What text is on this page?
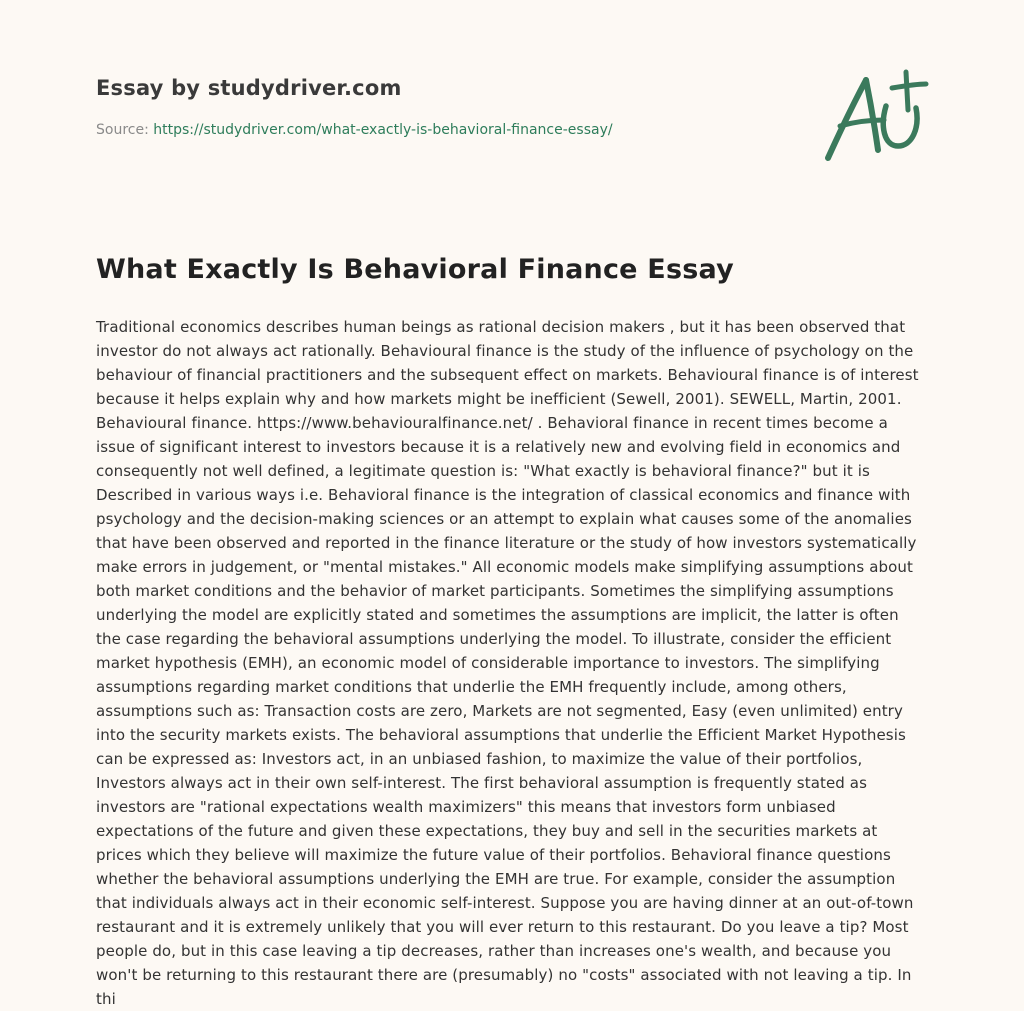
Essay by studydriver.com
Source: https://studydriver.com/what-exactly-is-behavioral-finance-essay/
What Exactly Is Behavioral Finance Essay

Traditional economics describes human beings as rational decision makers , but it has been observed that investor do not always act rationally. Behavioural finance is the study of the influence of psychology on the behaviour of financial practitioners and the subsequent effect on markets. Behavioural finance is of interest because it helps explain why and how markets might be inefficient (Sewell, 2001). SEWELL, Martin, 2001. Behavioural finance. https://www.behaviouralfinance.net/ . Behavioral finance in recent times become a issue of significant interest to investors because it is a relatively new and evolving field in economics and consequently not well defined, a legitimate question is: "What exactly is behavioral finance?" but it is Described in various ways i.e. Behavioral finance is the integration of classical economics and finance with psychology and the decision-making sciences or an attempt to explain what causes some of the anomalies that have been observed and reported in the finance literature or the study of how investors systematically make errors in judgement, or "mental mistakes." All economic models make simplifying assumptions about both market conditions and the behavior of market participants. Sometimes the simplifying assumptions underlying the model are explicitly stated and sometimes the assumptions are implicit, the latter is often the case regarding the behavioral assumptions underlying the model. To illustrate, consider the efficient market hypothesis (EMH), an economic model of considerable importance to investors. The simplifying assumptions regarding market conditions that underlie the EMH frequently include, among others, assumptions such as: Transaction costs are zero, Markets are not segmented, Easy (even unlimited) entry into the security markets exists. The behavioral assumptions that underlie the Efficient Market Hypothesis can be expressed as: Investors act, in an unbiased fashion, to maximize the value of their portfolios, Investors always act in their own self-interest. The first behavioral assumption is frequently stated as investors are "rational expectations wealth maximizers" this means that investors form unbiased expectations of the future and given these expectations, they buy and sell in the securities markets at prices which they believe will maximize the future value of their portfolios. Behavioral finance questions whether the behavioral assumptions underlying the EMH are true. For example, consider the assumption that individuals always act in their economic self-interest. Suppose you are having dinner at an out-of-town restaurant and it is extremely unlikely that you will ever return to this restaurant. Do you leave a tip? Most people do, but in this case leaving a tip decreases, rather than increases one's wealth, and because you won't be returning to this restaurant there are (presumably) no "costs" associated with not leaving a tip. In thi
